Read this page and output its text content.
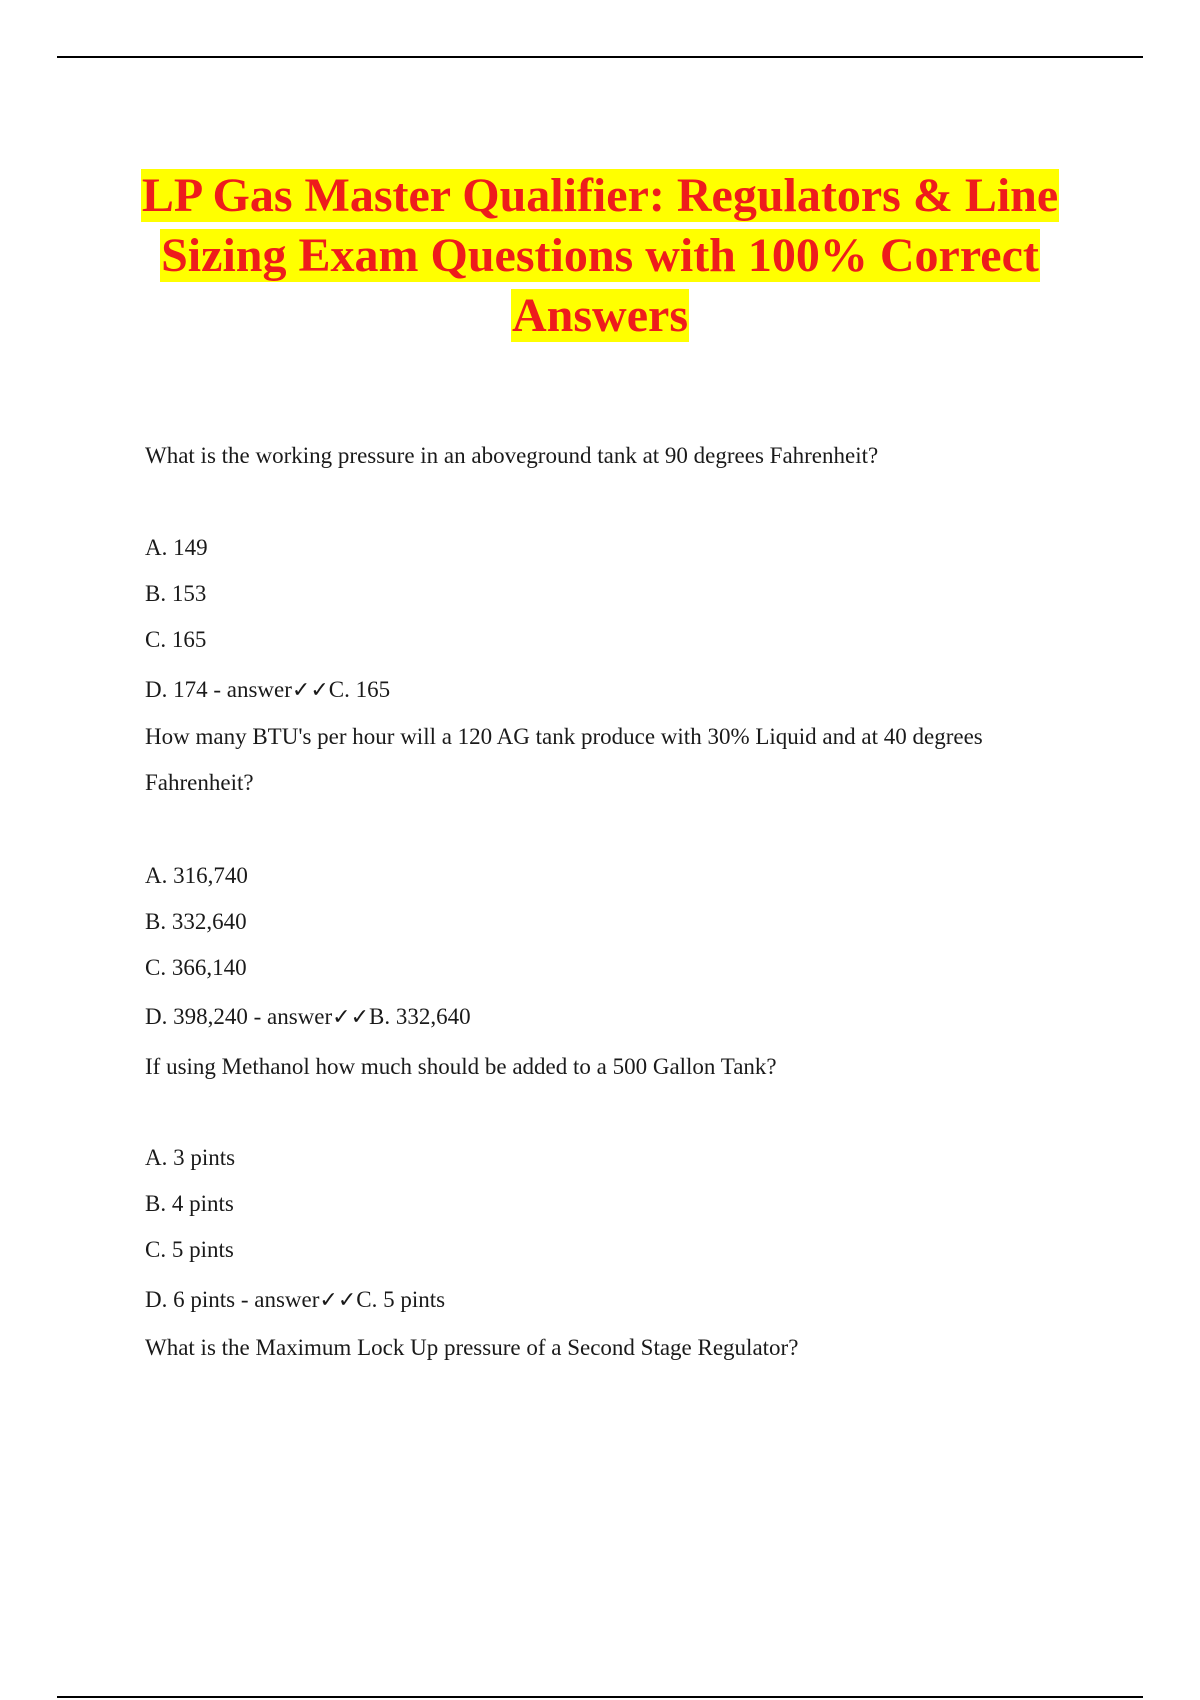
LP Gas Master Qualifier: Regulators & Line
Sizing Exam Questions with 100% Correct
Answers
What is the working pressure in an aboveground tank at 90 degrees Fahrenheit?
A. 149
B. 153
C. 165
D. 174 - answer✓✓C. 165
How many BTU's per hour will a 120 AG tank produce with 30% Liquid and at 40 degrees
Fahrenheit?
A. 316,740
B. 332,640
C. 366,140
D. 398,240 - answer✓✓B. 332,640
If using Methanol how much should be added to a 500 Gallon Tank?
A. 3 pints
B. 4 pints
C. 5 pints
D. 6 pints - answer✓✓C. 5 pints
What is the Maximum Lock Up pressure of a Second Stage Regulator?
